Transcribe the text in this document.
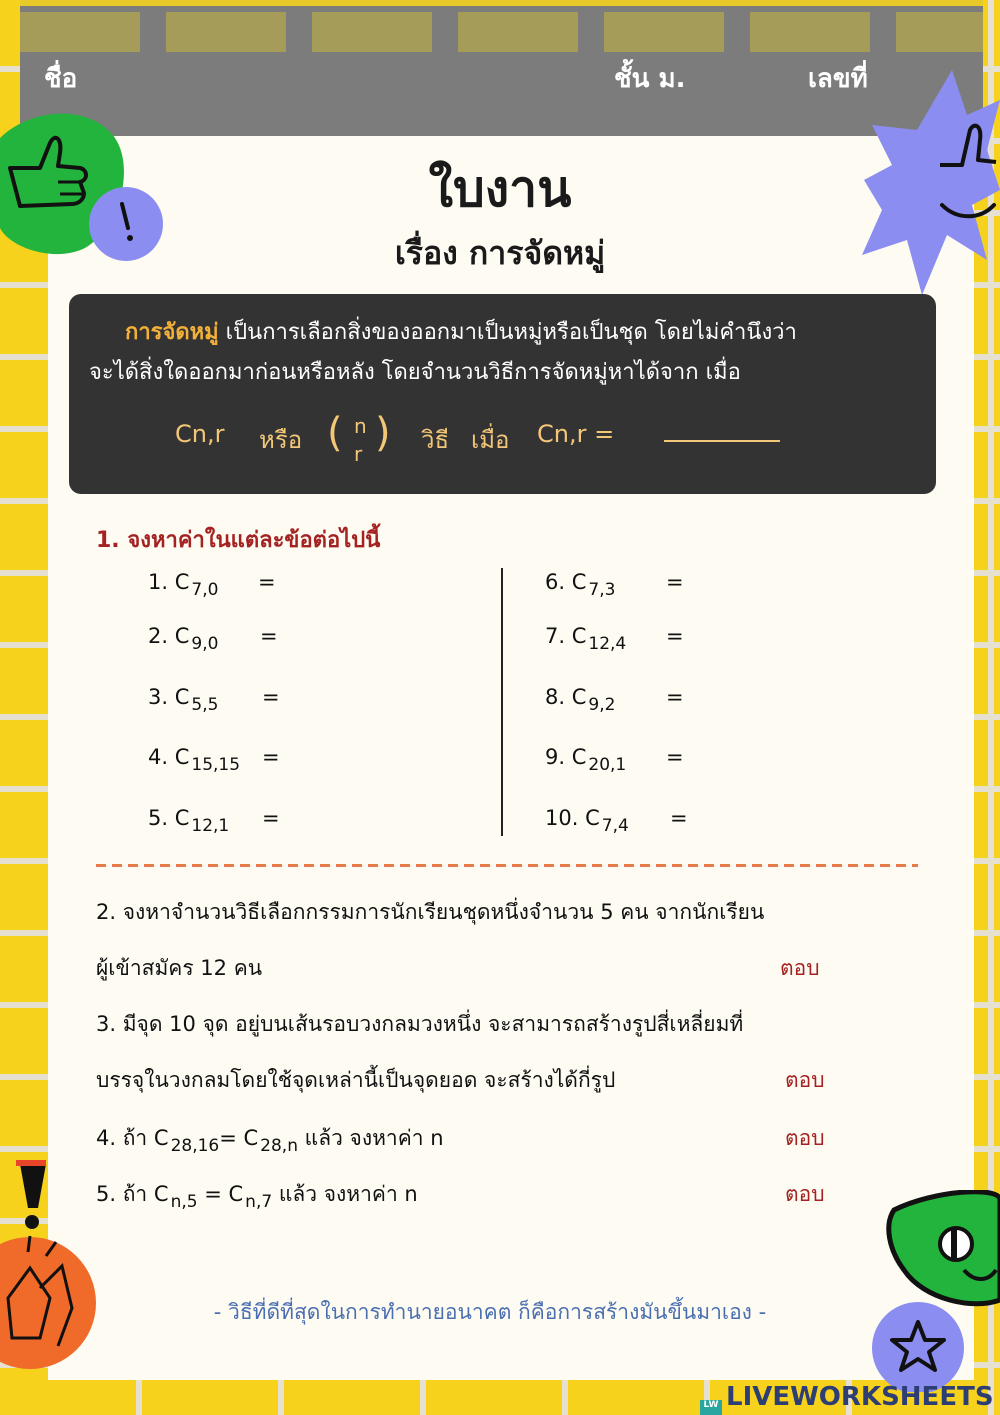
ชื่อ	ชั้น ม.	เลขที่
ใบงาน
เรื่อง การจัดหมู่
การจัดหมู่ เป็นการเลือกสิ่งของออกมาเป็นหมู่หรือเป็นชุด โดยไม่คำนึงว่า
จะได้สิ่งใดออกมาก่อนหรือหลัง โดยจำนวนวิธีการจัดหมู่หาได้จาก เมื่อ
Cn,r หรือ ( n
r ) วิธี เมื่อ Cn,r =
1. จงหาค่าในแต่ละข้อต่อไปนี้
1. C $_{7,0}$ =
2. C $_{9,0}$ =
3. C $_{5,5}$ =
4. C $_{15,15}$ =
5. C $_{12,1}$ =
6. C $_{7,3}$ =
7. C $_{12,4}$ =
8. C $_{9,2}$ =
9. C $_{20,1}$ =
10. C $_{7,4}$ =
2. จงหาจำนวนวิธีเลือกกรรมการนักเรียนชุดหนึ่งจำนวน 5 คน จากนักเรียน
ผู้เข้าสมัคร 12 คน	ตอบ
3. มีจุด 10 จุด อยู่บนเส้นรอบวงกลมวงหนึ่ง จะสามารถสร้างรูปสี่เหลี่ยมที่
บรรจุในวงกลมโดยใช้จุดเหล่านี้เป็นจุดยอด จะสร้างได้กี่รูป	ตอบ
4. ถ้า C $_{28,16}$= C $_{28,n}$ แล้ว จงหาค่า n	ตอบ
5. ถ้า C $_{n,5}$ = C $_{n,7}$ แล้ว จงหาค่า n	ตอบ
- วิธีที่ดีที่สุดในการทำนายอนาคต ก็คือการสร้างมันขึ้นมาเอง -
LW LIVEWORKSHEETS
